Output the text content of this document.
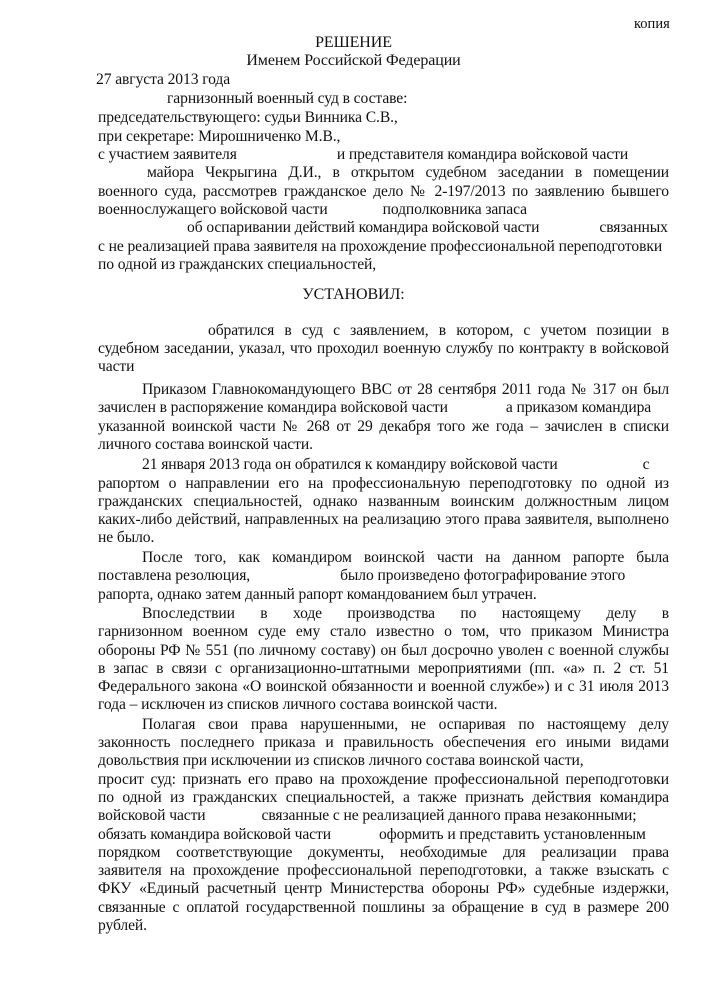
копия
РЕШЕНИЕ
Именем Российской Федерации
27 августа 2013 года
гарнизонный военный суд в составе:
председательствующего: судьи Винника С.В.,
при секретаре: Мирошниченко М.В.,
с участием заявителя	и представителя командира войсковой части
майора Чекрыгина Д.И., в открытом судебном заседании в помещении
военного суда, рассмотрев гражданское дело № 2-197/2013 по заявлению бывшего
военнослужащего войсковой части	подполковника запаса
об оспаривании действий командира войсковой части	связанных
с не реализацией права заявителя на прохождение профессиональной переподготовки
по одной из гражданских специальностей,
УСТАНОВИЛ:
обратился в суд с заявлением, в котором, с учетом позиции в
судебном заседании, указал, что проходил военную службу по контракту в войсковой
части
Приказом Главнокомандующего ВВС от 28 сентября 2011 года № 317 он был
зачислен в распоряжение командира войсковой части	а приказом командира
указанной воинской части № 268 от 29 декабря того же года – зачислен в списки
личного состава воинской части.
21 января 2013 года он обратился к командиру войсковой части	с
рапортом о направлении его на профессиональную переподготовку по одной из
гражданских специальностей, однако названным воинским должностным лицом
каких-либо действий, направленных на реализацию этого права заявителя, выполнено
не было.
После того, как командиром воинской части на данном рапорте была
поставлена резолюция,	было произведено фотографирование этого
рапорта, однако затем данный рапорт командованием был утрачен.
Впоследствии в ходе производства по настоящему делу в
гарнизонном военном суде ему стало известно о том, что приказом Министра
обороны РФ № 551 (по личному составу) он был досрочно уволен с военной службы
в запас в связи с организационно-штатными мероприятиями (пп. «а» п. 2 ст. 51
Федерального закона «О воинской обязанности и военной службе») и с 31 июля 2013
года – исключен из списков личного состава воинской части.
Полагая свои права нарушенными, не оспаривая по настоящему делу
законность последнего приказа и правильность обеспечения его иными видами
довольствия при исключении из списков личного состава воинской части,
просит суд: признать его право на прохождение профессиональной переподготовки
по одной из гражданских специальностей, а также признать действия командира
войсковой части	связанные с не реализацией данного права незаконными;
обязать командира войсковой части	оформить и представить установленным
порядком соответствующие документы, необходимые для реализации права
заявителя на прохождение профессиональной переподготовки, а также взыскать с
ФКУ «Единый расчетный центр Министерства обороны РФ» судебные издержки,
связанные с оплатой государственной пошлины за обращение в суд в размере 200
рублей.
